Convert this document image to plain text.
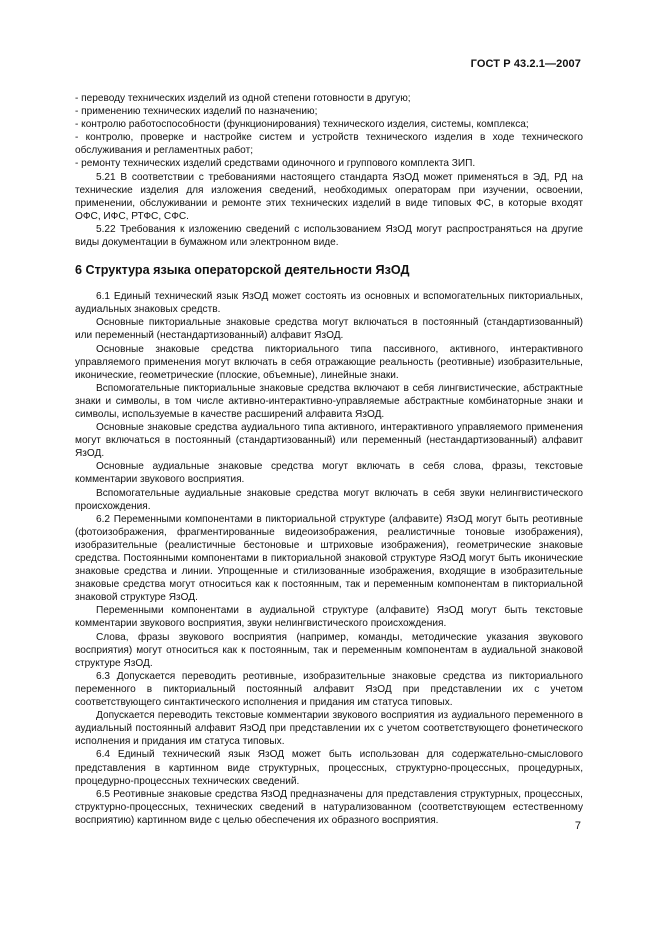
ГОСТ Р 43.2.1—2007

- переводу технических изделий из одной степени готовности в другую;

- применению технических изделий по назначению;

- контролю работоспособности (функционирования) технического изделия, системы, комплекса;

- контролю, проверке и настройке систем и устройств технического изделия в ходе технического обслуживания и регламентных работ;

- ремонту технических изделий средствами одиночного и группового комплекта ЗИП.

5.21 В соответствии с требованиями настоящего стандарта ЯзОД может применяться в ЭД, РД на технические изделия для изложения сведений, необходимых операторам при изучении, освоении, применении, обслуживании и ремонте этих технических изделий в виде типовых ФС, в которые входят ОФС, ИФС, РТФС, СФС.

5.22 Требования к изложению сведений с использованием ЯзОД могут распространяться на другие виды документации в бумажном или электронном виде.

6 Структура языка операторской деятельности ЯзОД

6.1 Единый технический язык ЯзОД может состоять из основных и вспомогательных пикториальных, аудиальных знаковых средств.

Основные пикториальные знаковые средства могут включаться в постоянный (стандартизованный) или переменный (нестандартизованный) алфавит ЯзОД.

Основные знаковые средства пикториального типа пассивного, активного, интерактивного управляемого применения могут включать в себя отражающие реальность (реотивные) изобразительные, иконические, геометрические (плоские, объемные), линейные знаки.

Вспомогательные пикториальные знаковые средства включают в себя лингвистические, абстрактные знаки и символы, в том числе активно-интерактивно-управляемые абстрактные комбинаторные знаки и символы, используемые в качестве расширений алфавита ЯзОД.

Основные знаковые средства аудиального типа активного, интерактивного управляемого применения могут включаться в постоянный (стандартизованный) или переменный (нестандартизованный) алфавит ЯзОД.

Основные аудиальные знаковые средства могут включать в себя слова, фразы, текстовые комментарии звукового восприятия.

Вспомогательные аудиальные знаковые средства могут включать в себя звуки нелингвистического происхождения.

6.2 Переменными компонентами в пикториальной структуре (алфавите) ЯзОД могут быть реотивные (фотоизображения, фрагментированные видеоизображения, реалистичные тоновые изображения), изобразительные (реалистичные бестоновые и штриховые изображения), геометрические знаковые средства. Постоянными компонентами в пикториальной знаковой структуре ЯзОД могут быть иконические знаковые средства и линии. Упрощенные и стилизованные изображения, входящие в изобразительные знаковые средства могут относиться как к постоянным, так и переменным компонентам в пикториальной знаковой структуре ЯзОД.

Переменными компонентами в аудиальной структуре (алфавите) ЯзОД могут быть текстовые комментарии звукового восприятия, звуки нелингвистического происхождения.

Слова, фразы звукового восприятия (например, команды, методические указания звукового восприятия) могут относиться как к постоянным, так и переменным компонентам в аудиальной знаковой структуре ЯзОД.

6.3 Допускается переводить реотивные, изобразительные знаковые средства из пикториального переменного в пикториальный постоянный алфавит ЯзОД при представлении их с учетом соответствующего синтактического исполнения и придания им статуса типовых.

Допускается переводить текстовые комментарии звукового восприятия из аудиального переменного в аудиальный постоянный алфавит ЯзОД при представлении их с учетом соответствующего фонетического исполнения и придания им статуса типовых.

6.4 Единый технический язык ЯзОД может быть использован для содержательно-смыслового представления в картинном виде структурных, процессных, структурно-процессных, процедурных, процедурно-процессных технических сведений.

6.5 Реотивные знаковые средства ЯзОД предназначены для представления структурных, процессных, структурно-процессных, технических сведений в натурализованном (соответствующем естественному восприятию) картинном виде с целью обеспечения их образного восприятия.	7
